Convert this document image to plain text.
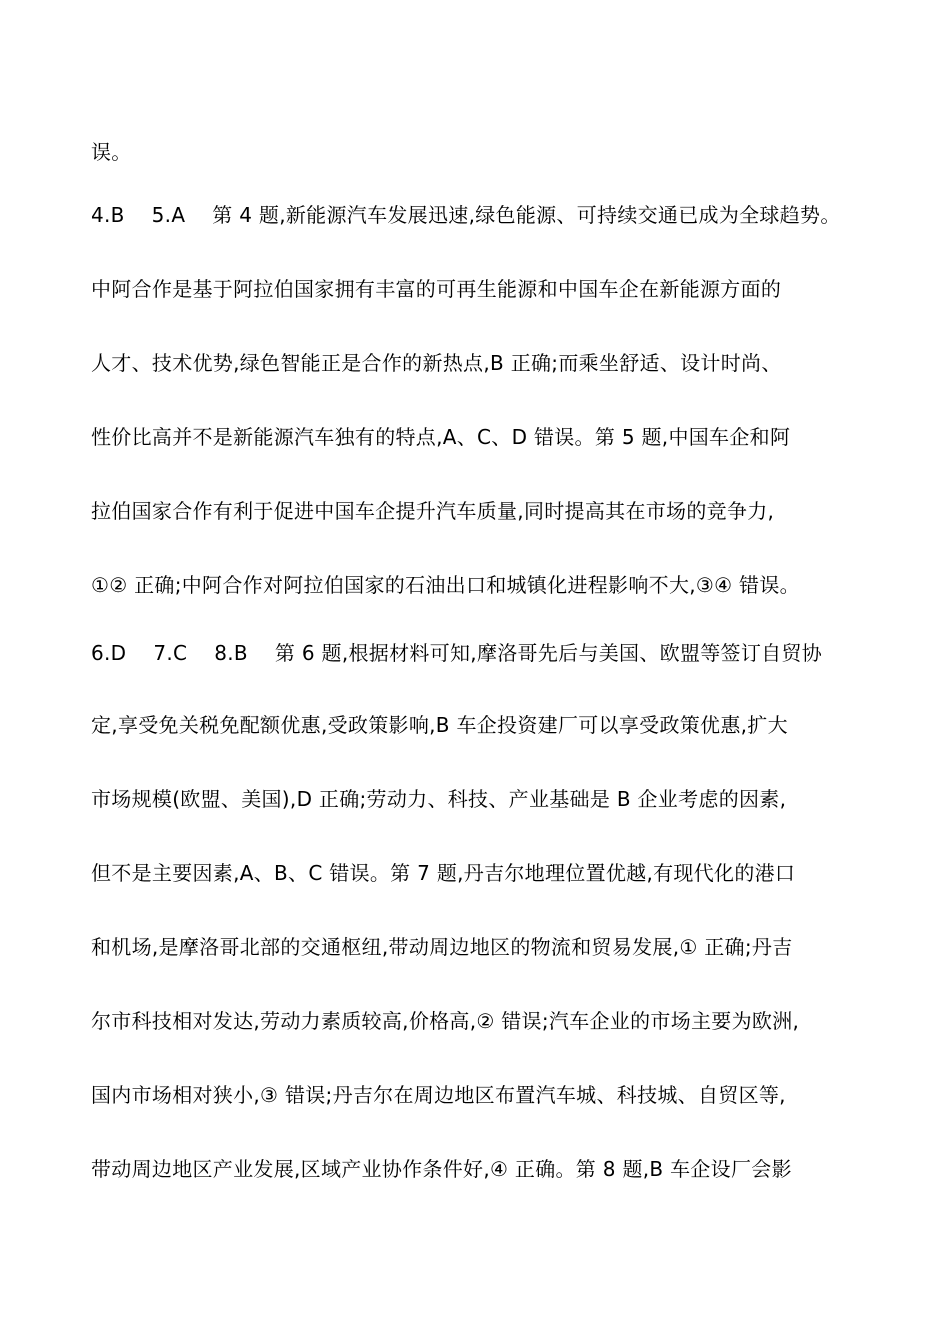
误。
4.B　 5.A　 第 4 题,新能源汽车发展迅速,绿色能源、可持续交通已成为全球趋势。
中阿合作是基于阿拉伯国家拥有丰富的可再生能源和中国车企在新能源方面的
人才、技术优势,绿色智能正是合作的新热点,B 正确;而乘坐舒适、设计时尚、
性价比高并不是新能源汽车独有的特点,A、C、D 错误。第 5 题,中国车企和阿
拉伯国家合作有利于促进中国车企提升汽车质量,同时提高其在市场的竞争力,
①② 正确;中阿合作对阿拉伯国家的石油出口和城镇化进程影响不大,③④ 错误。
6.D　 7.C　 8.B　 第 6 题,根据材料可知,摩洛哥先后与美国、欧盟等签订自贸协
定,享受免关税免配额优惠,受政策影响,B 车企投资建厂可以享受政策优惠,扩大
市场规模(欧盟、美国),D 正确;劳动力、科技、产业基础是 B 企业考虑的因素,
但不是主要因素,A、B、C 错误。第 7 题,丹吉尔地理位置优越,有现代化的港口
和机场,是摩洛哥北部的交通枢纽,带动周边地区的物流和贸易发展,① 正确;丹吉
尔市科技相对发达,劳动力素质较高,价格高,② 错误;汽车企业的市场主要为欧洲,
国内市场相对狭小,③ 错误;丹吉尔在周边地区布置汽车城、科技城、自贸区等,
带动周边地区产业发展,区域产业协作条件好,④ 正确。第 8 题,B 车企设厂会影
